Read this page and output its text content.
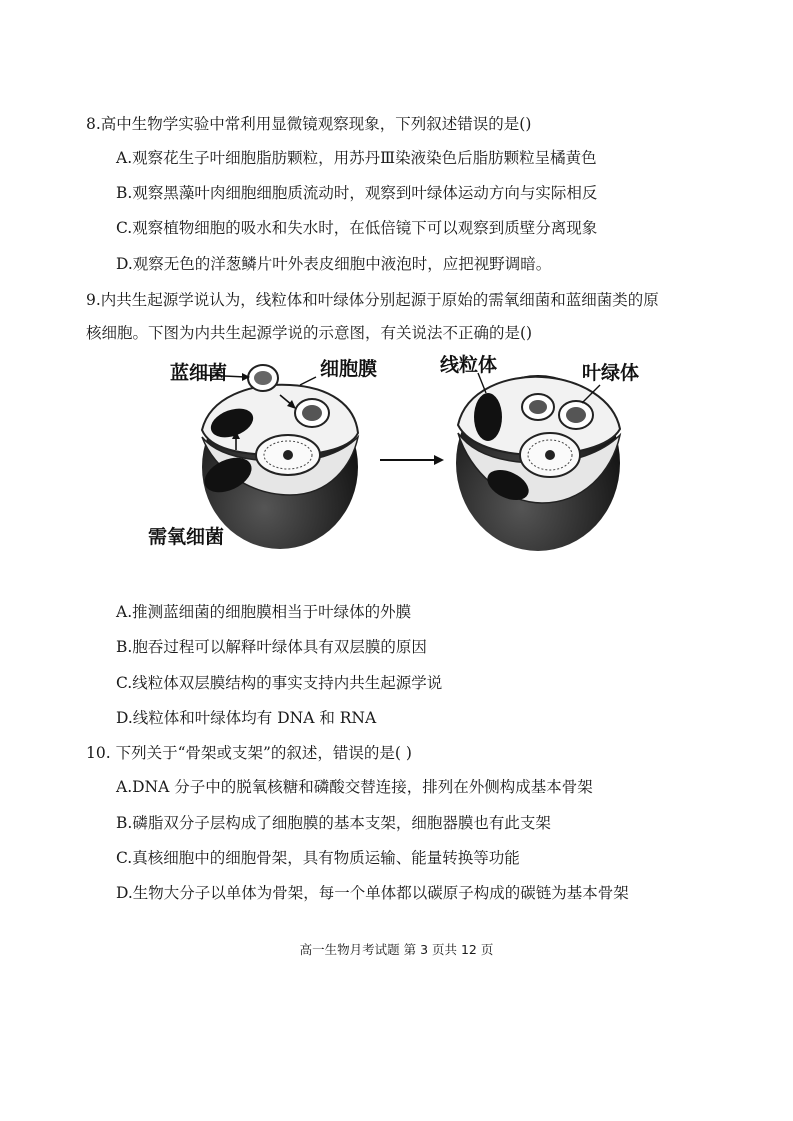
8.高中生物学实验中常利用显微镜观察现象，下列叙述错误的是()
A.观察花生子叶细胞脂肪颗粒，用苏丹Ⅲ染液染色后脂肪颗粒呈橘黄色
B.观察黑藻叶肉细胞细胞质流动时，观察到叶绿体运动方向与实际相反
C.观察植物细胞的吸水和失水时，在低倍镜下可以观察到质壁分离现象
D.观察无色的洋葱鳞片叶外表皮细胞中液泡时，应把视野调暗。
9.内共生起源学说认为，线粒体和叶绿体分别起源于原始的需氧细菌和蓝细菌类的原
核细胞。下图为内共生起源学说的示意图，有关说法不正确的是()
蓝细菌	细胞膜
需氧细菌
线粒体	叶绿体
A.推测蓝细菌的细胞膜相当于叶绿体的外膜
B.胞吞过程可以解释叶绿体具有双层膜的原因
C.线粒体双层膜结构的事实支持内共生起源学说
D.线粒体和叶绿体均有 DNA 和 RNA
10. 下列关于“骨架或支架”的叙述，错误的是( )
A.DNA 分子中的脱氧核糖和磷酸交替连接，排列在外侧构成基本骨架
B.磷脂双分子层构成了细胞膜的基本支架，细胞器膜也有此支架
C.真核细胞中的细胞骨架，具有物质运输、能量转换等功能
D.生物大分子以单体为骨架，每一个单体都以碳原子构成的碳链为基本骨架
高一生物月考试题 第 3 页共 12 页
